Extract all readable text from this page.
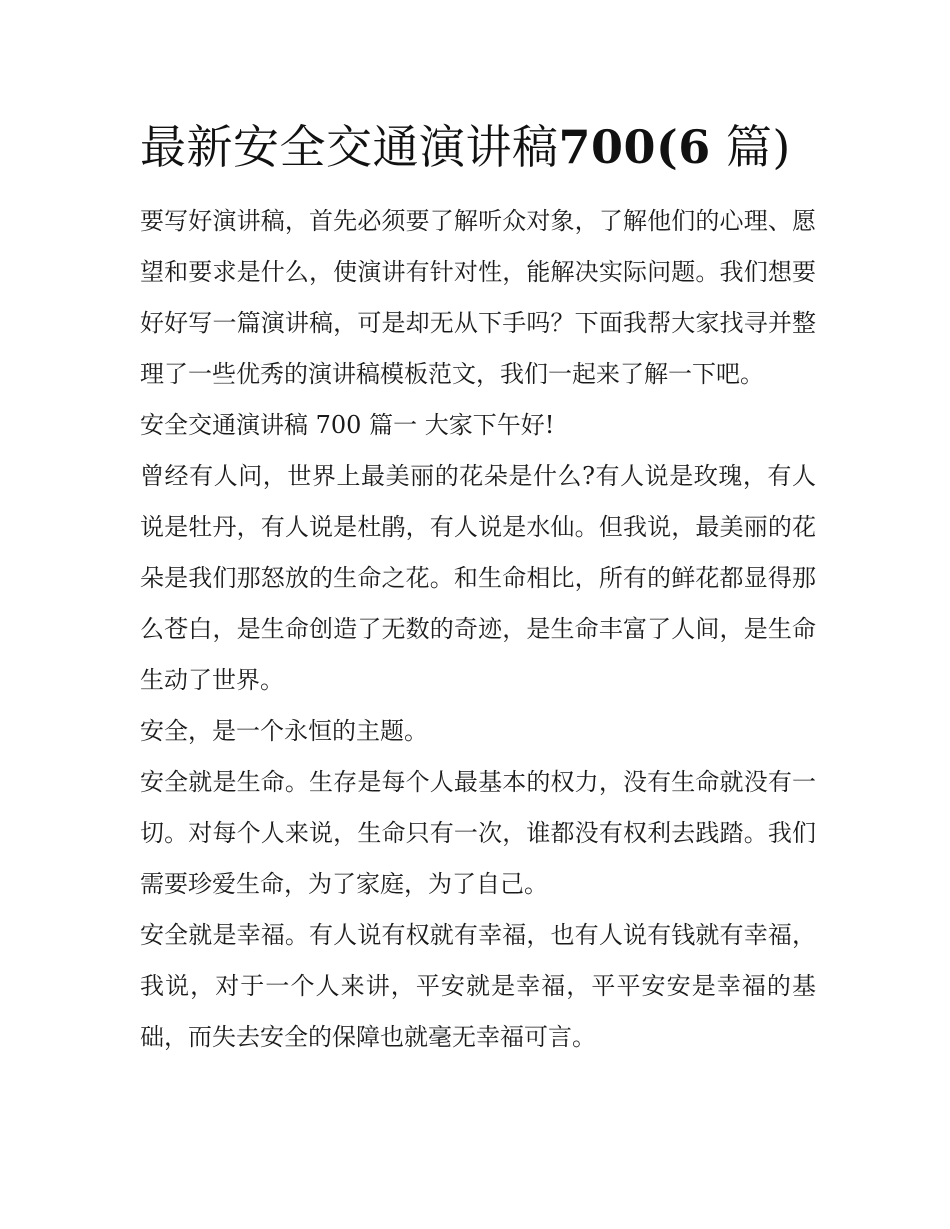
最新安全交通演讲稿700(6 篇)

要写好演讲稿，首先必须要了解听众对象，了解他们的心理、愿望和要求是什么，使演讲有针对性，能解决实际问题。我们想要好好写一篇演讲稿，可是却无从下手吗？下面我帮大家找寻并整理了一些优秀的演讲稿模板范文，我们一起来了解一下吧。

安全交通演讲稿 700 篇一 大家下午好!

曾经有人问，世界上最美丽的花朵是什么?有人说是玫瑰，有人说是牡丹，有人说是杜鹃，有人说是水仙。但我说，最美丽的花朵是我们那怒放的生命之花。和生命相比，所有的鲜花都显得那么苍白，是生命创造了无数的奇迹，是生命丰富了人间，是生命生动了世界。

安全，是一个永恒的主题。

安全就是生命。生存是每个人最基本的权力，没有生命就没有一切。对每个人来说，生命只有一次，谁都没有权利去践踏。我们需要珍爱生命，为了家庭，为了自己。

安全就是幸福。有人说有权就有幸福，也有人说有钱就有幸福，我说，对于一个人来讲，平安就是幸福，平平安安是幸福的基础，而失去安全的保障也就毫无幸福可言。
